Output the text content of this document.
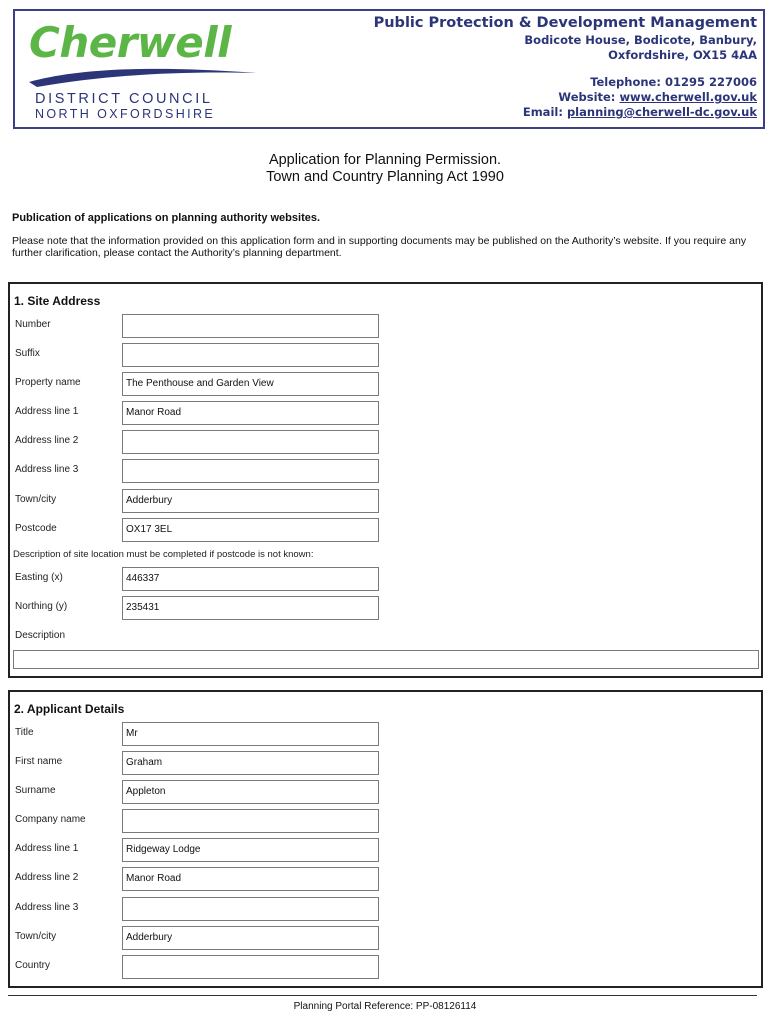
Cherwell

DISTRICT COUNCIL

NORTH OXFORDSHIRE

Public Protection & Development Management
Bodicote House, Bodicote, Banbury,
Oxfordshire, OX15 4AA
Telephone: 01295 227006
Website: www.cherwell.gov.uk
Email: planning@cherwell-dc.gov.uk
Application for Planning Permission.
Town and Country Planning Act 1990

Publication of applications on planning authority websites.

Please note that the information provided on this application form and in supporting documents may be published on the Authority’s website. If you require any further clarification, please contact the Authority’s planning department.

1. Site Address

Number
Suffix
Property name	The Penthouse and Garden View
Address line 1	Manor Road
Address line 2
Address line 3
Town/city	Adderbury
Postcode	OX17 3EL

Description of site location must be completed if postcode is not known:

Easting (x)	446337
Northing (y)	235431
Description

2. Applicant Details

Title	Mr
First name	Graham
Surname	Appleton
Company name
Address line 1	Ridgeway Lodge
Address line 2	Manor Road
Address line 3
Town/city	Adderbury
Country

Planning Portal Reference: PP-08126114
